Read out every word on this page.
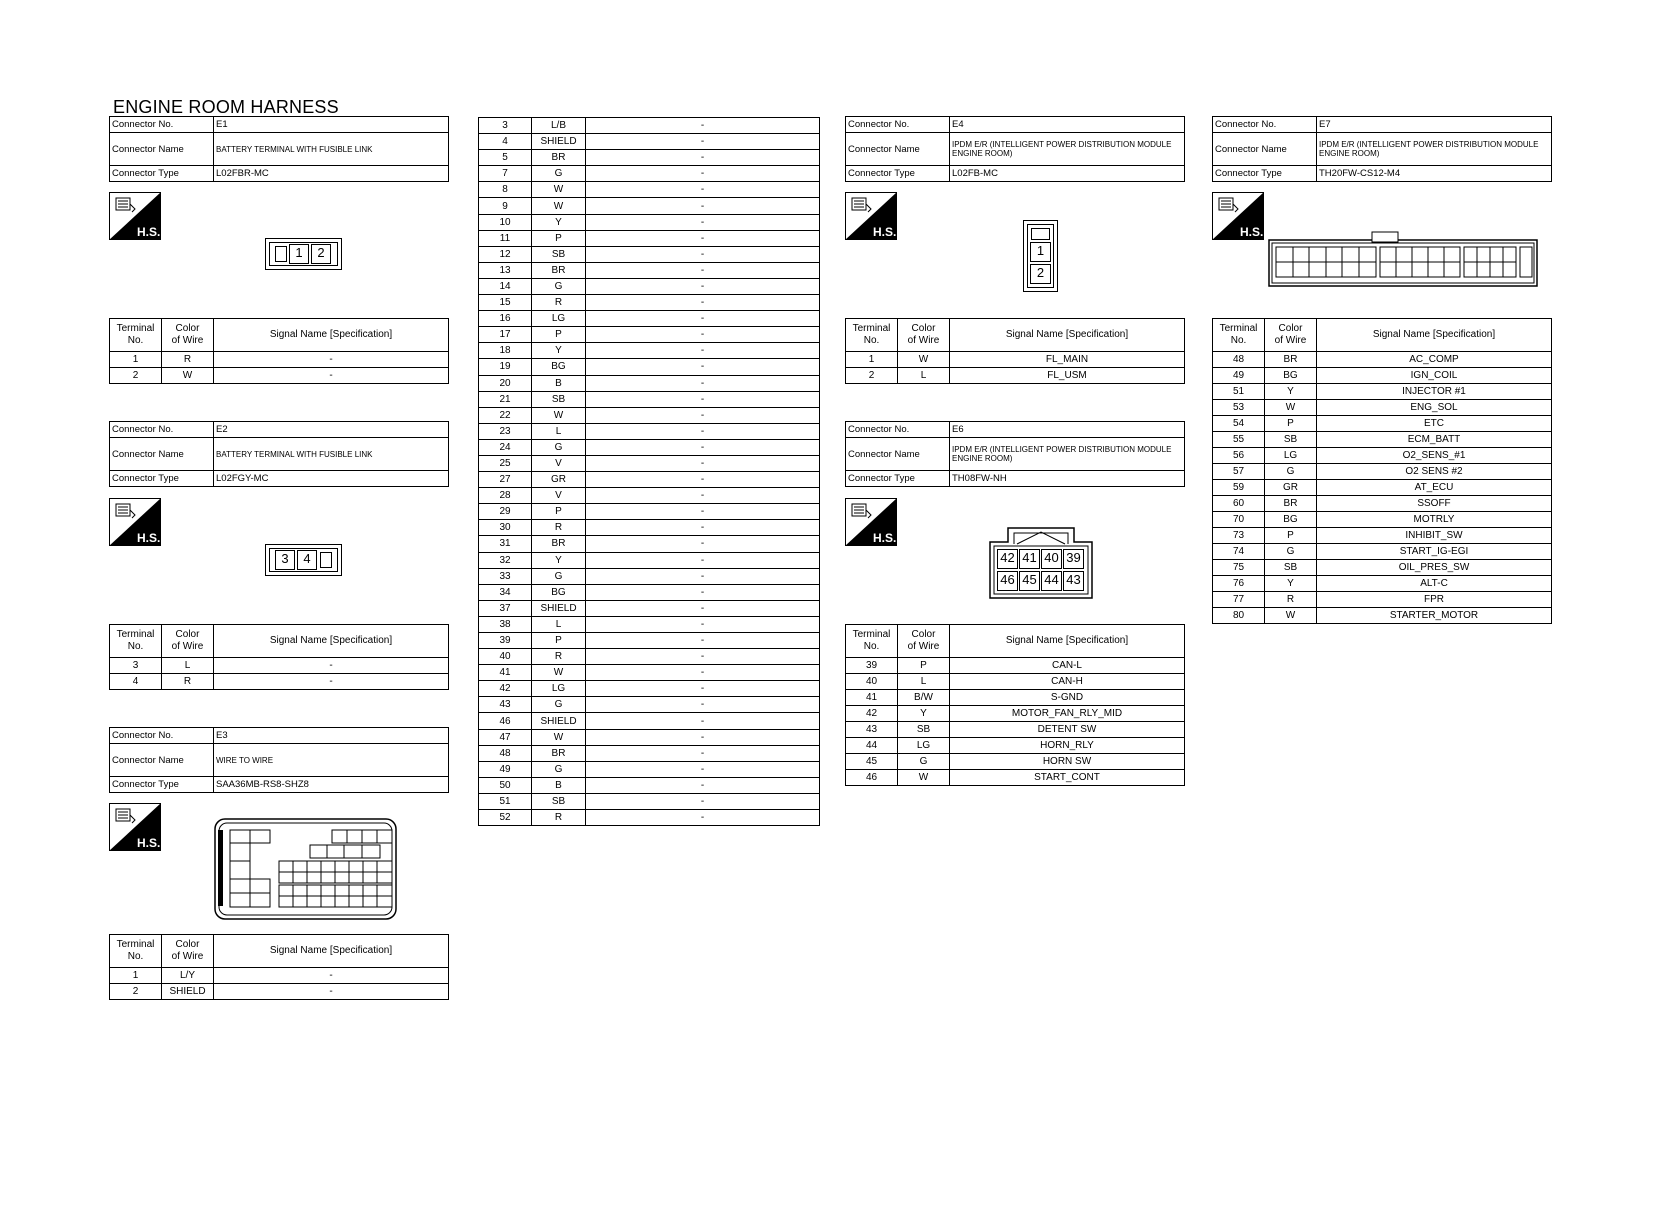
ENGINE ROOM HARNESS
Connector No.	E1
Connector Name	BATTERY TERMINAL WITH FUSIBLE LINK
Connector Type	L02FBR-MC
H.S.
1	2
Terminal
No.	Color
of Wire	Signal Name [Specification]
1	R	-
2	W	-
Connector No.	E2
Connector Name	BATTERY TERMINAL WITH FUSIBLE LINK
Connector Type	L02FGY-MC
H.S.
3	4
Terminal
No.	Color
of Wire	Signal Name [Specification]
3	L	-
4	R	-
Connector No.	E3
Connector Name	WIRE TO WIRE
Connector Type	SAA36MB-RS8-SHZ8
H.S.
Terminal
No.	Color
of Wire	Signal Name [Specification]
1	L/Y	-
2	SHIELD	-
3	L/B	-
4	SHIELD	-
5	BR	-
7	G	-
8	W	-
9	W	-
10	Y	-
11	P	-
12	SB	-
13	BR	-
14	G	-
15	R	-
16	LG	-
17	P	-
18	Y	-
19	BG	-
20	B	-
21	SB	-
22	W	-
23	L	-
24	G	-
25	V	-
27	GR	-
28	V	-
29	P	-
30	R	-
31	BR	-
32	Y	-
33	G	-
34	BG	-
37	SHIELD	-
38	L	-
39	P	-
40	R	-
41	W	-
42	LG	-
43	G	-
46	SHIELD	-
47	W	-
48	BR	-
49	G	-
50	B	-
51	SB	-
52	R	-
Connector No.	E4
Connector Name	IPDM E/R (INTELLIGENT POWER DISTRIBUTION MODULE ENGINE ROOM)
Connector Type	L02FB-MC
H.S.
1
2
Terminal
No.	Color
of Wire	Signal Name [Specification]
1	W	FL_MAIN
2	L	FL_USM
Connector No.	E6
Connector Name	IPDM E/R (INTELLIGENT POWER DISTRIBUTION MODULE ENGINE ROOM)
Connector Type	TH08FW-NH
H.S.
42 41 40 39
46 45 44 43
Terminal
No.	Color
of Wire	Signal Name [Specification]
39	P	CAN-L
40	L	CAN-H
41	B/W	S-GND
42	Y	MOTOR_FAN_RLY_MID
43	SB	DETENT SW
44	LG	HORN_RLY
45	G	HORN SW
46	W	START_CONT
Connector No.	E7
Connector Name	IPDM E/R (INTELLIGENT POWER DISTRIBUTION MODULE ENGINE ROOM)
Connector Type	TH20FW-CS12-M4
H.S.
Terminal
No.	Color
of Wire	Signal Name [Specification]
48	BR	AC_COMP
49	BG	IGN_COIL
51	Y	INJECTOR #1
53	W	ENG_SOL
54	P	ETC
55	SB	ECM_BATT
56	LG	O2_SENS_#1
57	G	O2 SENS #2
59	GR	AT_ECU
60	BR	SSOFF
70	BG	MOTRLY
73	P	INHIBIT_SW
74	G	START_IG-EGI
75	SB	OIL_PRES_SW
76	Y	ALT-C
77	R	FPR
80	W	STARTER_MOTOR
